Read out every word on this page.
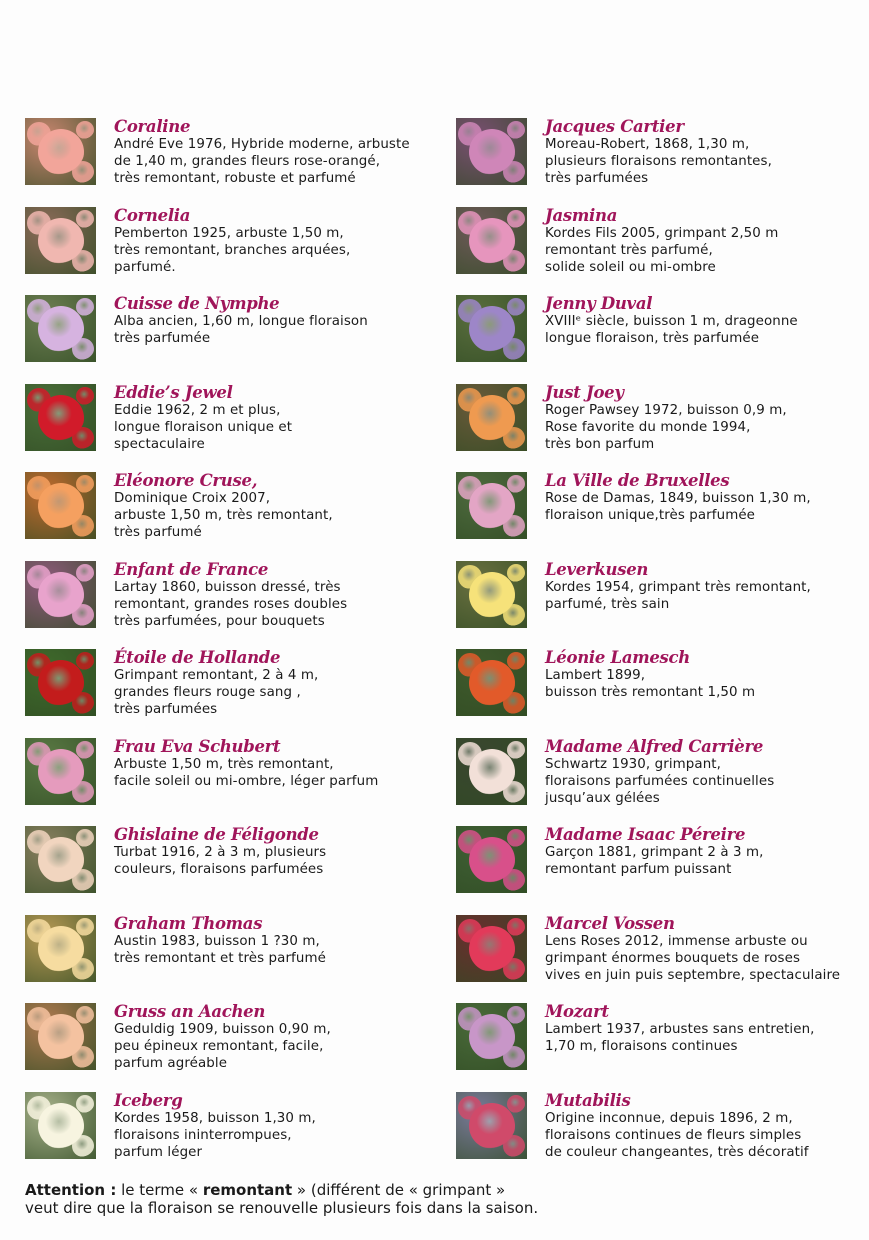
Coraline
André Eve 1976, Hybride moderne, arbuste
de 1,40 m, grandes fleurs rose-orangé,
très remontant, robuste et parfumé
Cornelia
Pemberton 1925, arbuste 1,50 m,
très remontant, branches arquées,
parfumé.
Cuisse de Nymphe
Alba ancien, 1,60 m, longue floraison
très parfumée
Eddie’s Jewel
Eddie 1962, 2 m et plus,
longue floraison unique et
spectaculaire
Eléonore Cruse,
Dominique Croix 2007,
arbuste 1,50 m, très remontant,
très parfumé
Enfant de France
Lartay 1860, buisson dressé, très
remontant, grandes roses doubles
très parfumées, pour bouquets
Étoile de Hollande
Grimpant remontant, 2 à 4 m,
grandes fleurs rouge sang ,
très parfumées
Frau Eva Schubert
Arbuste 1,50 m, très remontant,
facile soleil ou mi-ombre, léger parfum
Ghislaine de Féligonde
Turbat 1916, 2 à 3 m, plusieurs
couleurs, floraisons parfumées
Graham Thomas
Austin 1983, buisson 1 ?30 m,
très remontant et très parfumé
Gruss an Aachen
Geduldig 1909, buisson 0,90 m,
peu épineux remontant, facile,
parfum agréable
Iceberg
Kordes 1958, buisson 1,30 m,
floraisons ininterrompues,
parfum léger
Jacques Cartier
Moreau-Robert, 1868, 1,30 m,
plusieurs floraisons remontantes,
très parfumées
Jasmina
Kordes Fils 2005, grimpant 2,50 m
remontant très parfumé,
solide soleil ou mi-ombre
Jenny Duval
XVIIIᵉ siècle, buisson 1 m, drageonne
longue floraison, très parfumée
Just Joey
Roger Pawsey 1972, buisson 0,9 m,
Rose favorite du monde 1994,
très bon parfum
La Ville de Bruxelles
Rose de Damas, 1849, buisson 1,30 m,
floraison unique,très parfumée
Leverkusen
Kordes 1954, grimpant très remontant,
parfumé, très sain
Léonie Lamesch
Lambert 1899,
buisson très remontant 1,50 m
Madame Alfred Carrière
Schwartz 1930, grimpant,
floraisons parfumées continuelles
jusqu’aux gélées
Madame Isaac Péreire
Garçon 1881, grimpant 2 à 3 m,
remontant parfum puissant
Marcel Vossen
Lens Roses 2012, immense arbuste ou
grimpant énormes bouquets de roses
vives en juin puis septembre, spectaculaire
Mozart
Lambert 1937, arbustes sans entretien,
1,70 m, floraisons continues
Mutabilis
Origine inconnue, depuis 1896, 2 m,
floraisons continues de fleurs simples
de couleur changeantes, très décoratif
Attention : le terme « remontant » (différent de « grimpant »
veut dire que la floraison se renouvelle plusieurs fois dans la saison.
